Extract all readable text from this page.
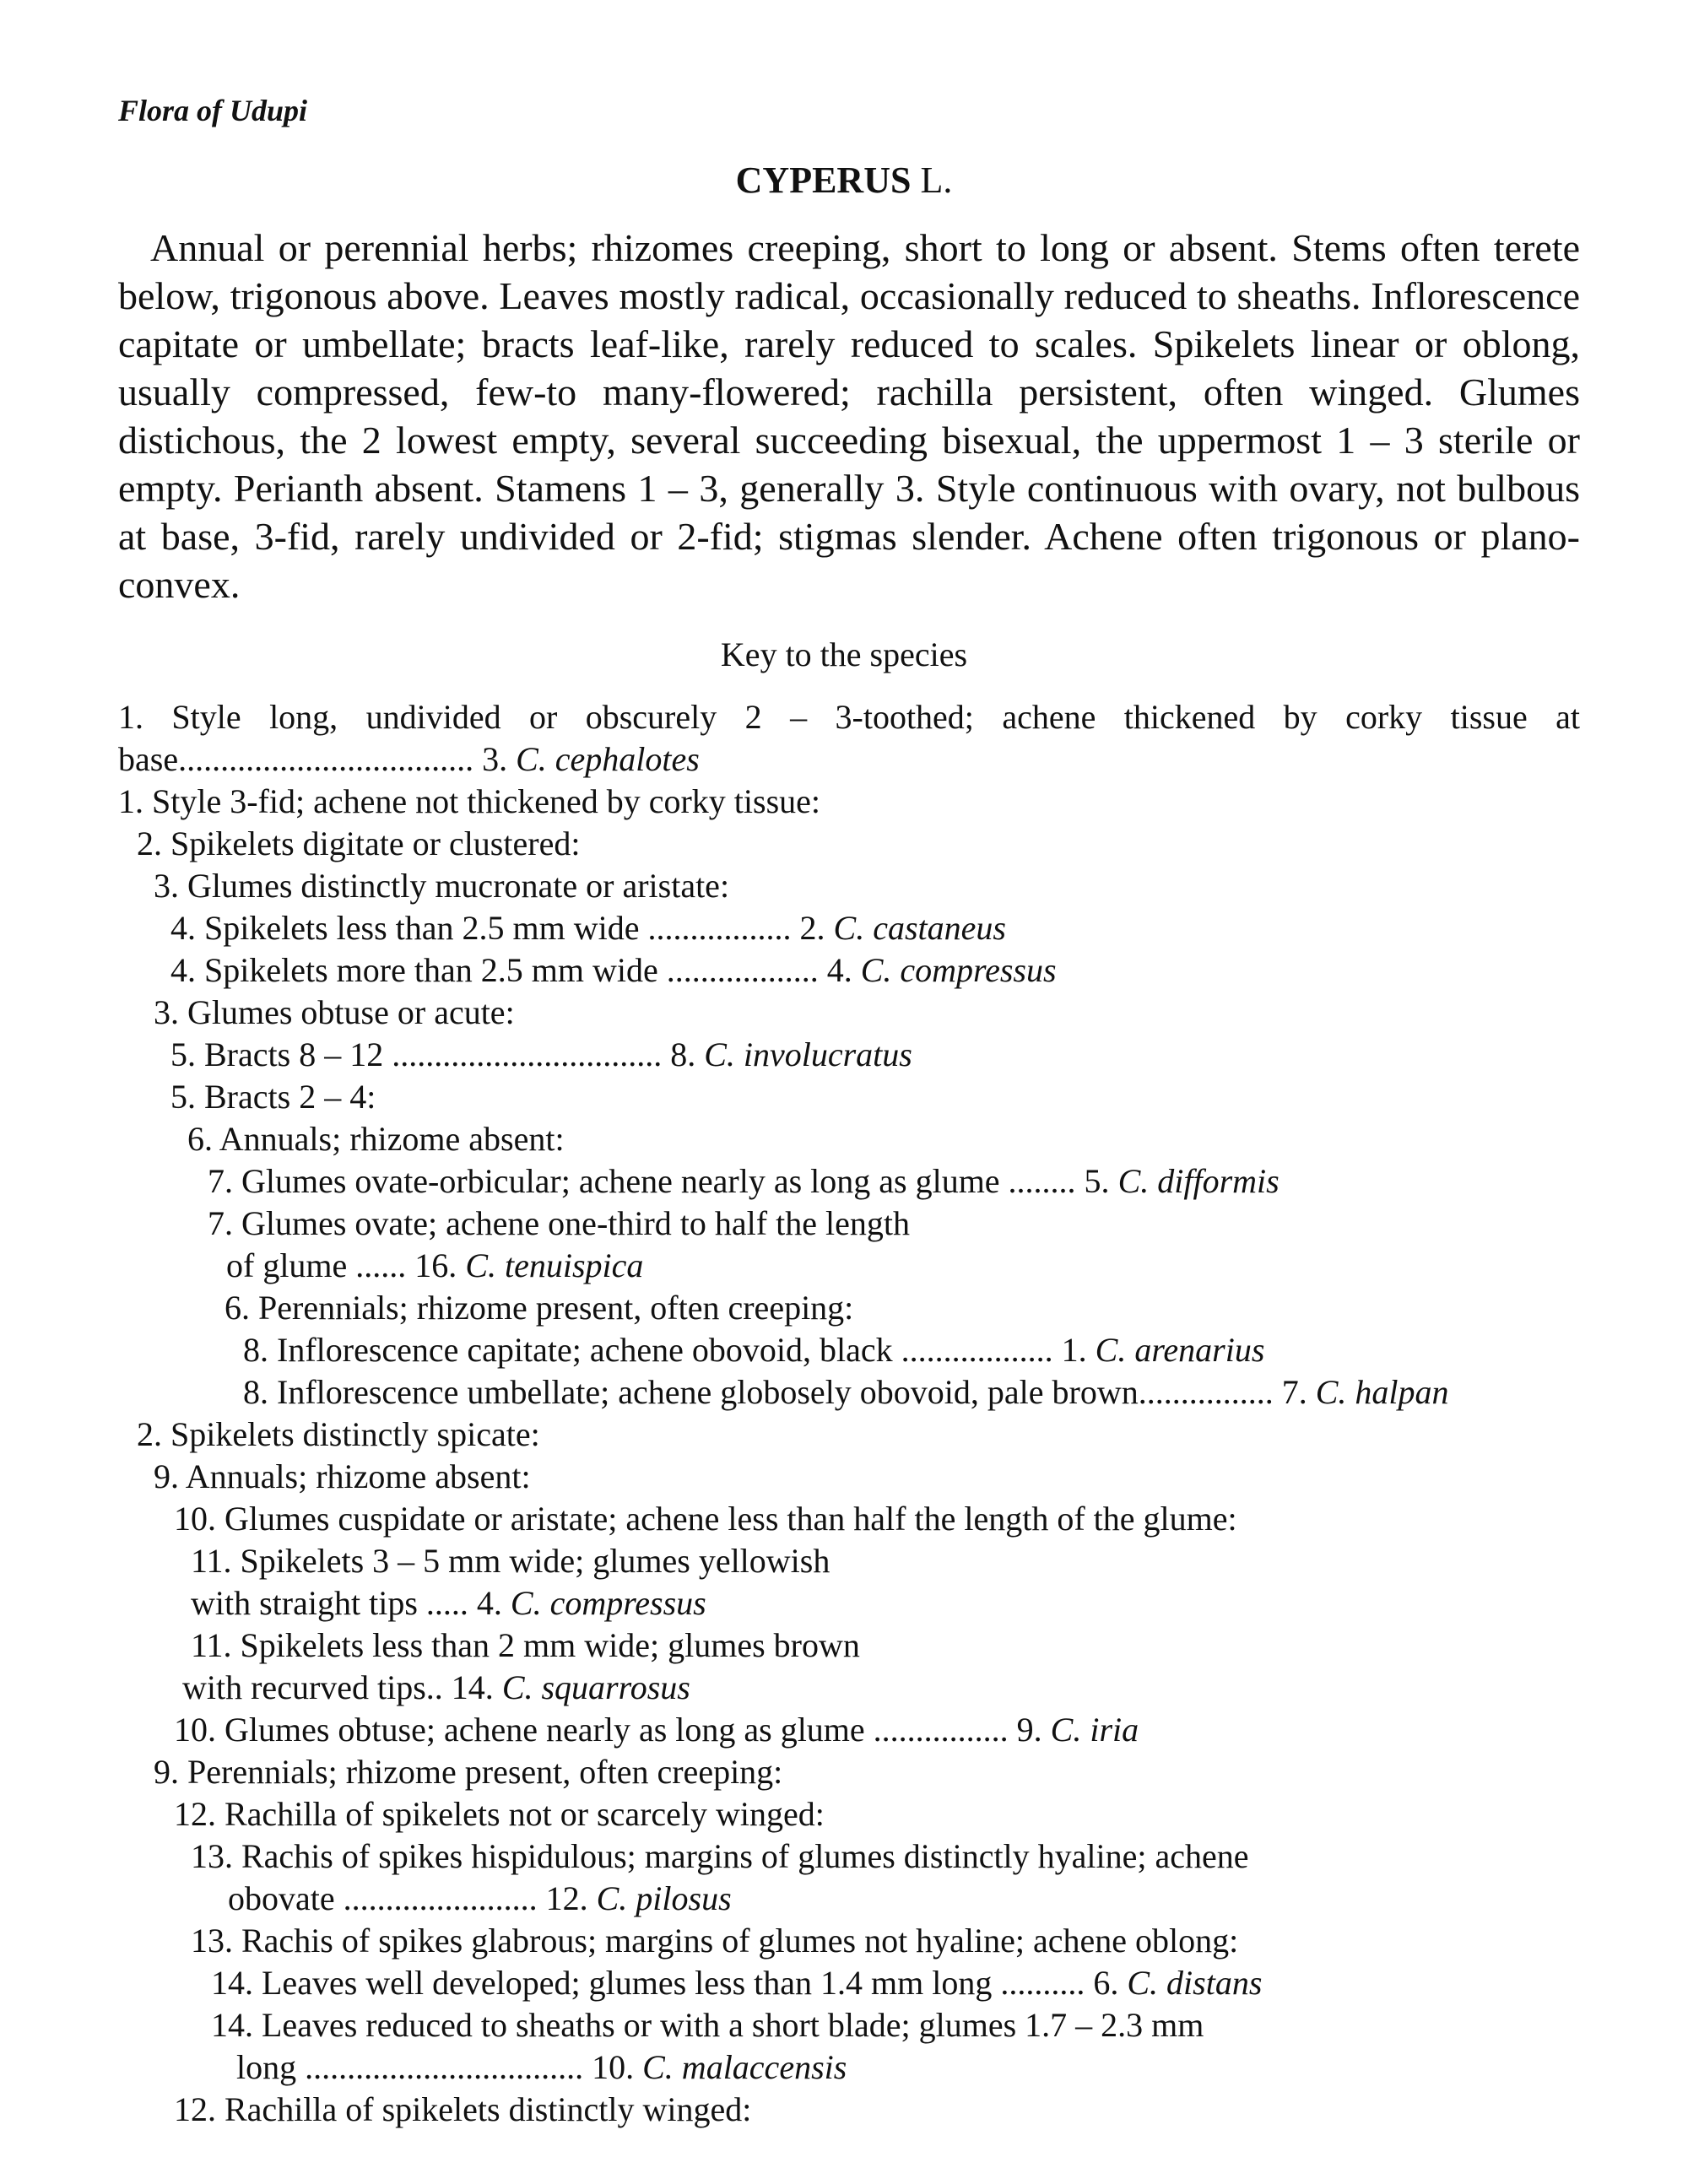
Flora of Udupi
CYPERUS L.

Annual or perennial herbs; rhizomes creeping, short to long or absent. Stems often terete below, trigonous above. Leaves mostly radical, occasionally reduced to sheaths. Inflorescence capitate or umbellate; bracts leaf-like, rarely reduced to scales. Spikelets linear or oblong, usually compressed, few-to many-flowered; rachilla persistent, often winged. Glumes distichous, the 2 lowest empty, several succeeding bisexual, the uppermost 1 – 3 sterile or empty. Perianth absent. Stamens 1 – 3, generally 3. Style continuous with ovary, not bulbous at base, 3-fid, rarely undivided or 2-fid; stigmas slender. Achene often trigonous or plano-convex.

Key to the species
1. Style long, undivided or obscurely 2 – 3-toothed; achene thickened by corky tissue at
base................................... 3. C. cephalotes
1. Style 3-fid; achene not thickened by corky tissue:
2. Spikelets digitate or clustered:
3. Glumes distinctly mucronate or aristate:
4. Spikelets less than 2.5 mm wide ................. 2. C. castaneus
4. Spikelets more than 2.5 mm wide .................. 4. C. compressus
3. Glumes obtuse or acute:
5. Bracts 8 – 12 ................................ 8. C. involucratus
5. Bracts 2 – 4:
6. Annuals; rhizome absent:
7. Glumes ovate-orbicular; achene nearly as long as glume ........ 5. C. difformis
7. Glumes ovate; achene one-third to half the length
of glume ...... 16. C. tenuispica
6. Perennials; rhizome present, often creeping:
8. Inflorescence capitate; achene obovoid, black .................. 1. C. arenarius
8. Inflorescence umbellate; achene globosely obovoid, pale brown................ 7. C. halpan
2. Spikelets distinctly spicate:
9. Annuals; rhizome absent:
10. Glumes cuspidate or aristate; achene less than half the length of the glume:
11. Spikelets 3 – 5 mm wide; glumes yellowish
with straight tips ..... 4. C. compressus
11. Spikelets less than 2 mm wide; glumes brown
with recurved tips.. 14. C. squarrosus
10. Glumes obtuse; achene nearly as long as glume ................ 9. C. iria
9. Perennials; rhizome present, often creeping:
12. Rachilla of spikelets not or scarcely winged:
13. Rachis of spikes hispidulous; margins of glumes distinctly hyaline; achene
obovate ....................... 12. C. pilosus
13. Rachis of spikes glabrous; margins of glumes not hyaline; achene oblong:
14. Leaves well developed; glumes less than 1.4 mm long .......... 6. C. distans
14. Leaves reduced to sheaths or with a short blade; glumes 1.7 – 2.3 mm
long ................................. 10. C. malaccensis
12. Rachilla of spikelets distinctly winged:
